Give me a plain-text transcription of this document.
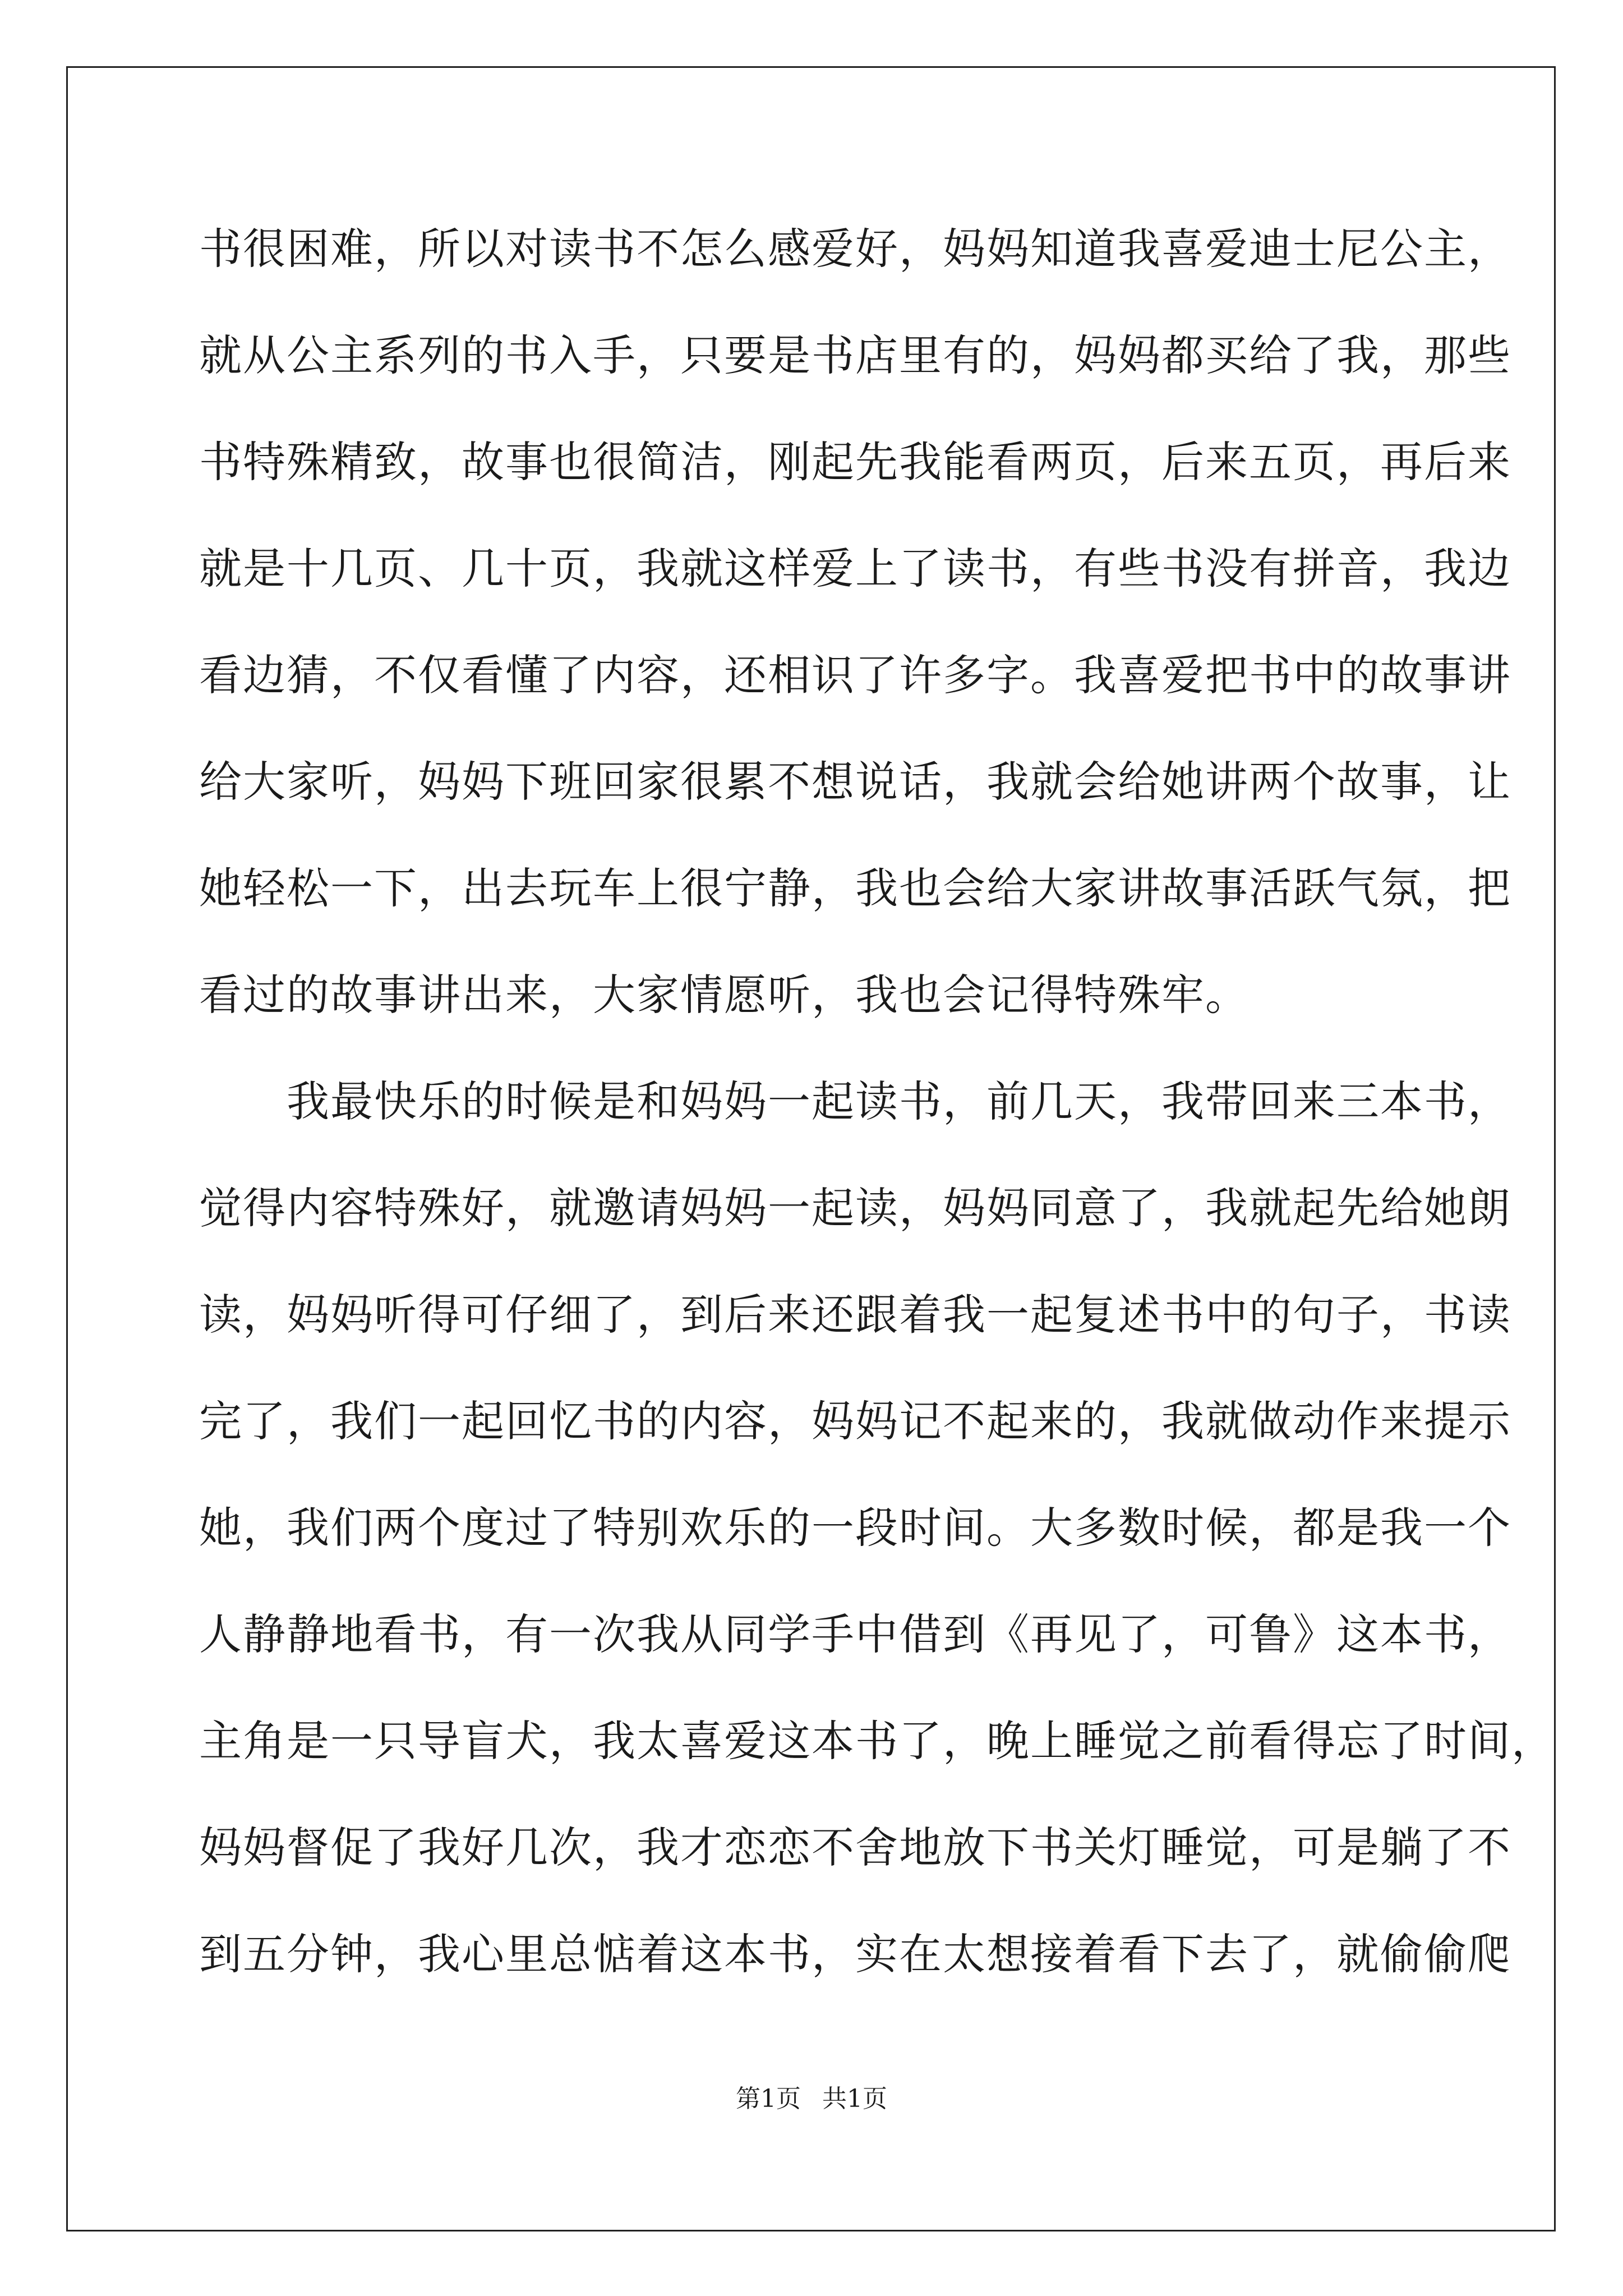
书很困难，所以对读书不怎么感爱好，妈妈知道我喜爱迪士尼公主，
就从公主系列的书入手，只要是书店里有的，妈妈都买给了我，那些
书特殊精致，故事也很简洁，刚起先我能看两页，后来五页，再后来
就是十几页、几十页，我就这样爱上了读书，有些书没有拼音，我边
看边猜，不仅看懂了内容，还相识了许多字。我喜爱把书中的故事讲
给大家听，妈妈下班回家很累不想说话，我就会给她讲两个故事，让
她轻松一下，出去玩车上很宁静，我也会给大家讲故事活跃气氛，把
看过的故事讲出来，大家情愿听，我也会记得特殊牢。
　　我最快乐的时候是和妈妈一起读书，前几天，我带回来三本书，
觉得内容特殊好，就邀请妈妈一起读，妈妈同意了，我就起先给她朗
读，妈妈听得可仔细了，到后来还跟着我一起复述书中的句子，书读
完了，我们一起回忆书的内容，妈妈记不起来的，我就做动作来提示
她，我们两个度过了特别欢乐的一段时间。大多数时候，都是我一个
人静静地看书，有一次我从同学手中借到《再见了，可鲁》这本书，
主角是一只导盲犬，我太喜爱这本书了，晚上睡觉之前看得忘了时间，
妈妈督促了我好几次，我才恋恋不舍地放下书关灯睡觉，可是躺了不
到五分钟，我心里总惦着这本书，实在太想接着看下去了，就偷偷爬
第1页 共1页
